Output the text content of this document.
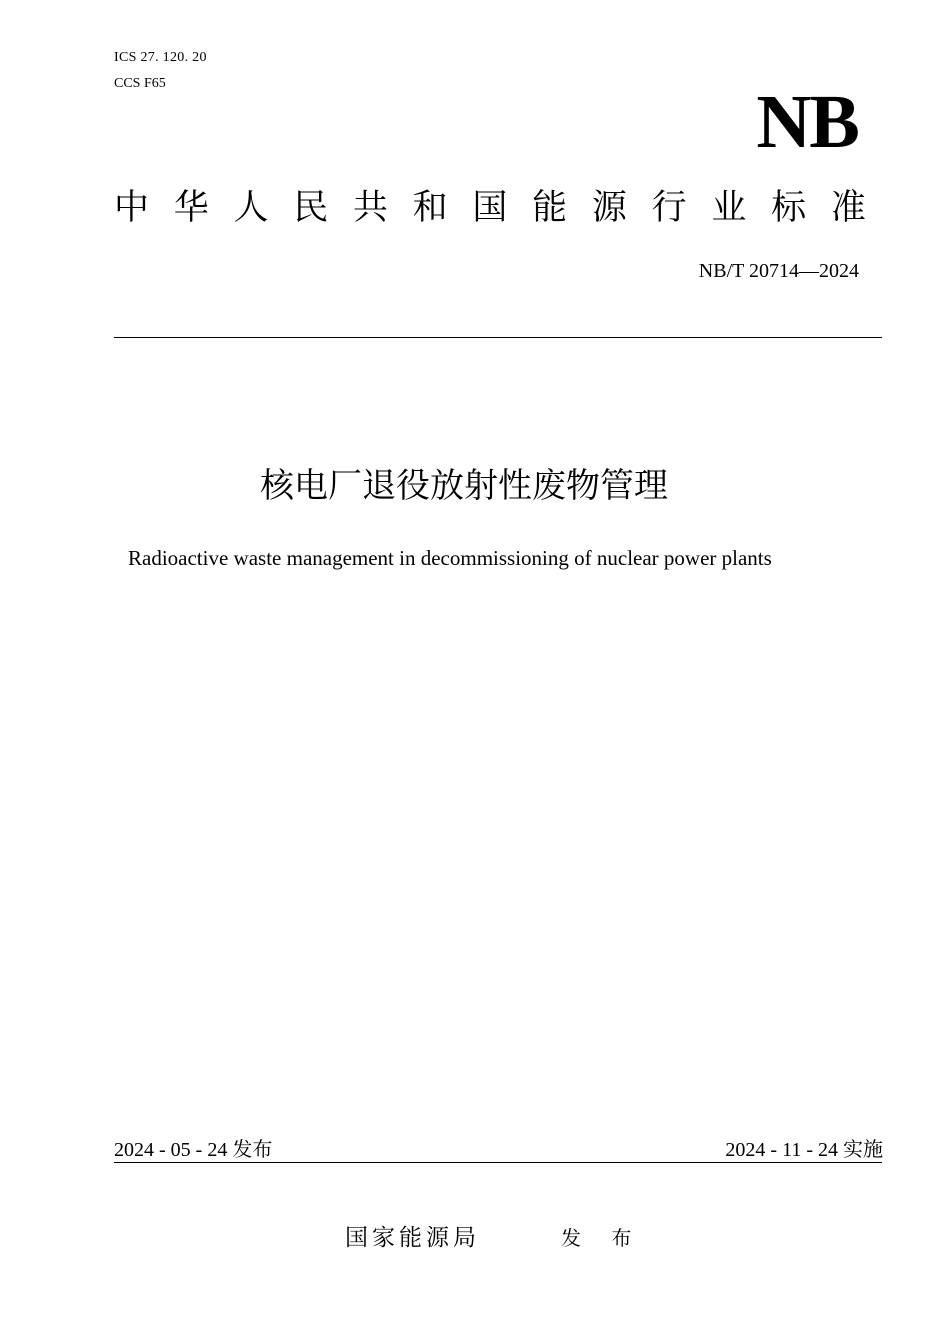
ICS 27. 120. 20
CCS F65	NB
中 华 人 民 共 和 国 能 源 行 业 标 准
NB/T 20714—2024
核电厂退役放射性废物管理
Radioactive waste management in decommissioning of nuclear power plants
2024 - 05 - 24 发布	2024 - 11 - 24 实施
国家能源局	发 布
